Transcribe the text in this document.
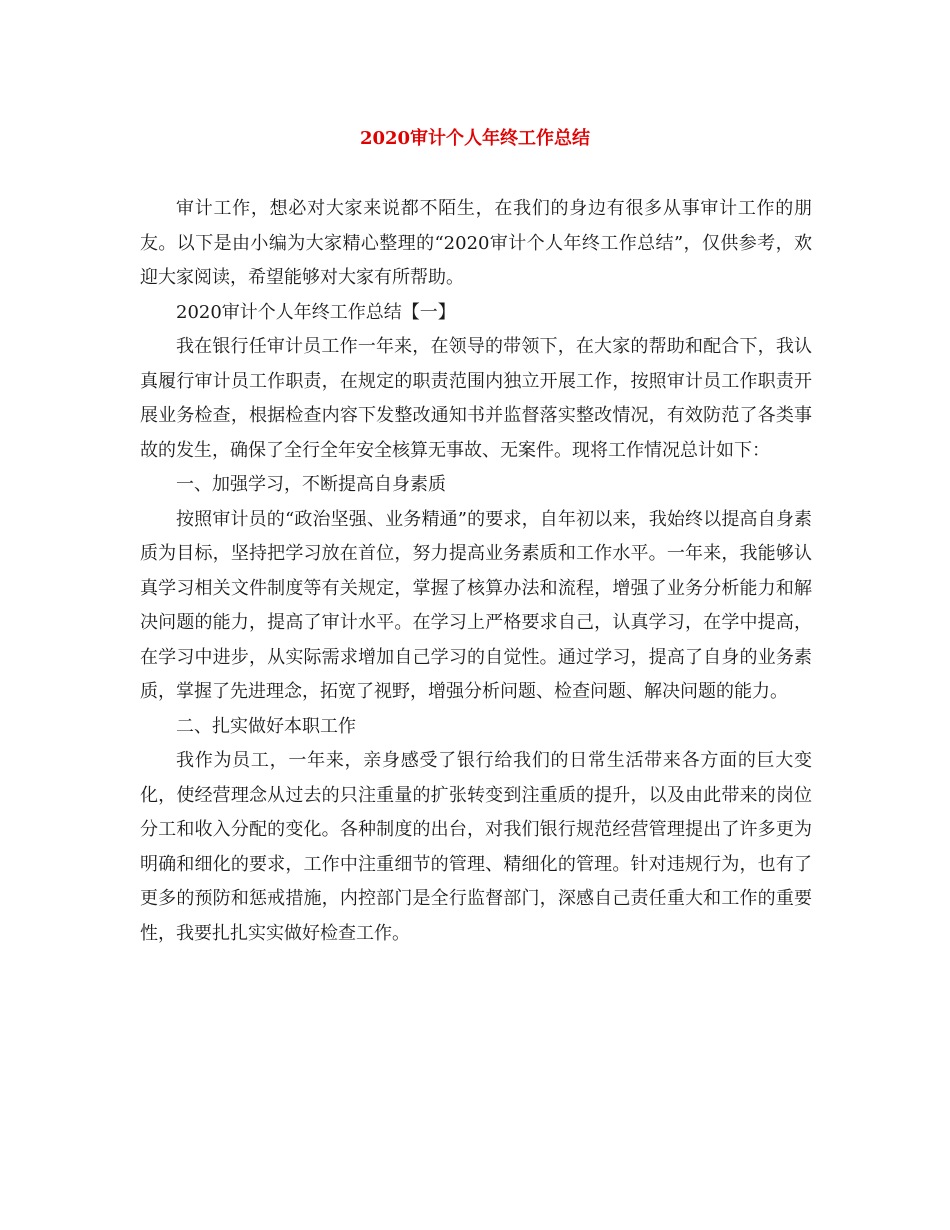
2020审计个人年终工作总结

审计工作，想必对大家来说都不陌生，在我们的身边有很多从事审计工作的朋友。以下是由小编为大家精心整理的“2020审计个人年终工作总结”，仅供参考，欢迎大家阅读，希望能够对大家有所帮助。

2020审计个人年终工作总结【一】

我在银行任审计员工作一年来，在领导的带领下，在大家的帮助和配合下，我认真履行审计员工作职责，在规定的职责范围内独立开展工作，按照审计员工作职责开展业务检查，根据检查内容下发整改通知书并监督落实整改情况，有效防范了各类事故的发生，确保了全行全年安全核算无事故、无案件。现将工作情况总计如下：

一、加强学习，不断提高自身素质

按照审计员的“政治坚强、业务精通”的要求，自年初以来，我始终以提高自身素质为目标，坚持把学习放在首位，努力提高业务素质和工作水平。一年来，我能够认真学习相关文件制度等有关规定，掌握了核算办法和流程，增强了业务分析能力和解决问题的能力，提高了审计水平。在学习上严格要求自己，认真学习，在学中提高，在学习中进步，从实际需求增加自己学习的自觉性。通过学习，提高了自身的业务素质，掌握了先进理念，拓宽了视野，增强分析问题、检查问题、解决问题的能力。

二、扎实做好本职工作

我作为员工，一年来，亲身感受了银行给我们的日常生活带来各方面的巨大变化，使经营理念从过去的只注重量的扩张转变到注重质的提升，以及由此带来的岗位分工和收入分配的变化。各种制度的出台，对我们银行规范经营管理提出了许多更为明确和细化的要求，工作中注重细节的管理、精细化的管理。针对违规行为，也有了更多的预防和惩戒措施，内控部门是全行监督部门，深感自己责任重大和工作的重要性，我要扎扎实实做好检查工作。
